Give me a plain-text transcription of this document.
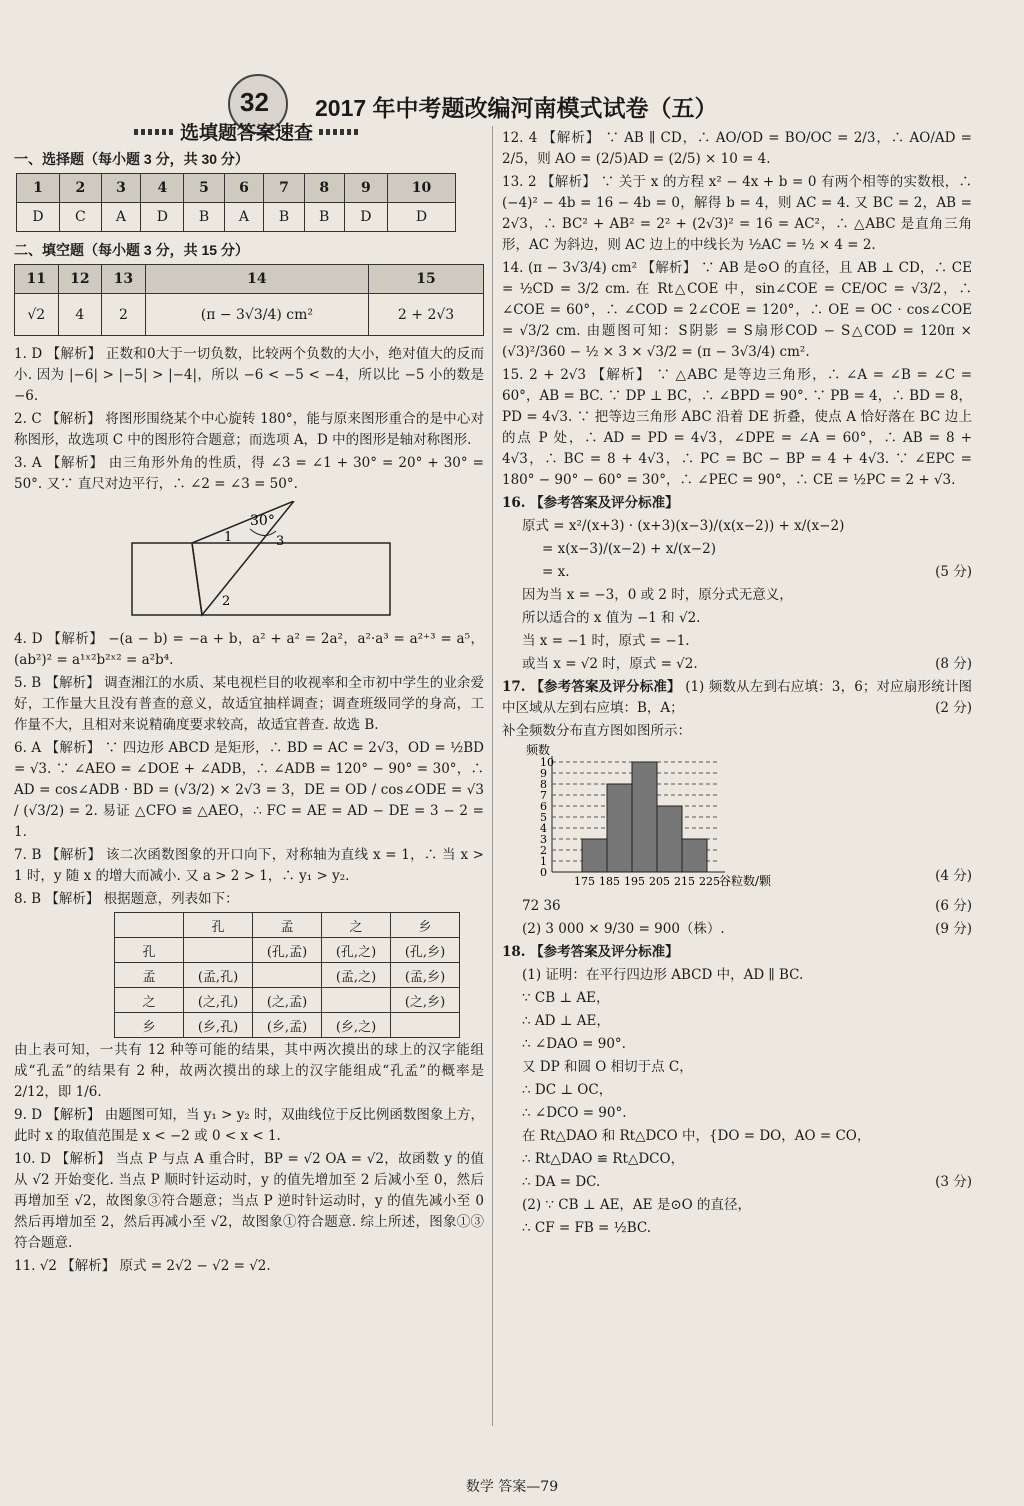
32 2017 年中考题改编河南模式试卷（五）
选填题答案速查
一、选择题（每小题 3 分，共 30 分）
1	2	3	4	5	6	7	8	9	10
D	C	A	D	B	A	B	B	D	D
二、填空题（每小题 3 分，共 15 分）
11	12	13	14	15
√2	4	2	(π − 3√3/4) cm²	2 + 2√3

1. D 【解析】 正数和0大于一切负数，比较两个负数的大小，绝对值大的反而小. 因为 |−6| > |−5| > |−4|，所以 −6 < −5 < −4，所以比 −5 小的数是 −6.

2. C 【解析】 将图形围绕某个中心旋转 180°，能与原来图形重合的是中心对称图形，故选项 C 中的图形符合题意；而选项 A，D 中的图形是轴对称图形.

3. A 【解析】 由三角形外角的性质，得 ∠3 = ∠1 + 30° = 20° + 30° = 50°. 又∵ 直尺对边平行，∴ ∠2 = ∠3 = 50°.

30°
1
2
3

4. D 【解析】 −(a − b) = −a + b，a² + a² = 2a²，a²·a³ = a²⁺³ = a⁵，(ab²)² = a¹ˣ²b²ˣ² = a²b⁴.

5. B 【解析】 调查湘江的水质、某电视栏目的收视率和全市初中学生的业余爱好，工作量大且没有普查的意义，故适宜抽样调查；调查班级同学的身高，工作量不大，且相对来说精确度要求较高，故适宜普查. 故选 B.

6. A 【解析】 ∵ 四边形 ABCD 是矩形，∴ BD = AC = 2√3，OD = ½BD = √3. ∵ ∠AEO = ∠DOE + ∠ADB，∴ ∠ADB = 120° − 90° = 30°，∴ AD = cos∠ADB · BD = (√3/2) × 2√3 = 3，DE = OD / cos∠ODE = √3 / (√3/2) = 2. 易证 △CFO ≌ △AEO，∴ FC = AE = AD − DE = 3 − 2 = 1.

7. B 【解析】 该二次函数图象的开口向下，对称轴为直线 x = 1，∴ 当 x > 1 时，y 随 x 的增大而减小. 又 a > 2 > 1，∴ y₁ > y₂.

8. B 【解析】 根据题意，列表如下：

	孔	孟	之	乡
孔		(孔,孟)	(孔,之)	(孔,乡)
孟	(孟,孔)		(孟,之)	(孟,乡)
之	(之,孔)	(之,孟)		(之,乡)
乡	(乡,孔)	(乡,孟)	(乡,之)	

由上表可知，一共有 12 种等可能的结果，其中两次摸出的球上的汉字能组成“孔孟”的结果有 2 种，故两次摸出的球上的汉字能组成“孔孟”的概率是 2/12，即 1/6.

9. D 【解析】 由题图可知，当 y₁ > y₂ 时，双曲线位于反比例函数图象上方，此时 x 的取值范围是 x < −2 或 0 < x < 1.

10. D 【解析】 当点 P 与点 A 重合时，BP = √2 OA = √2，故函数 y 的值从 √2 开始变化. 当点 P 顺时针运动时，y 的值先增加至 2 后减小至 0，然后再增加至 √2，故图象③符合题意；当点 P 逆时针运动时，y 的值先减小至 0 然后再增加至 2，然后再减小至 √2，故图象①符合题意. 综上所述，图象①③符合题意.

11. √2 【解析】 原式 = 2√2 − √2 = √2.

12. 4 【解析】 ∵ AB ∥ CD，∴ AO/OD = BO/OC = 2/3，∴ AO/AD = 2/5，则 AO = (2/5)AD = (2/5) × 10 = 4.

13. 2 【解析】 ∵ 关于 x 的方程 x² − 4x + b = 0 有两个相等的实数根，∴ (−4)² − 4b = 16 − 4b = 0，解得 b = 4，则 AC = 4. 又 BC = 2，AB = 2√3，∴ BC² + AB² = 2² + (2√3)² = 16 = AC²，∴ △ABC 是直角三角形，AC 为斜边，则 AC 边上的中线长为 ½AC = ½ × 4 = 2.

14. (π − 3√3/4) cm² 【解析】 ∵ AB 是⊙O 的直径，且 AB ⊥ CD，∴ CE = ½CD = 3/2 cm. 在 Rt△COE 中，sin∠COE = CE/OC = √3/2，∴ ∠COE = 60°，∴ ∠COD = 2∠COE = 120°，∴ OE = OC · cos∠COE = √3/2 cm. 由题图可知：S阴影 = S扇形COD − S△COD = 120π × (√3)²/360 − ½ × 3 × √3/2 = (π − 3√3/4) cm².

15. 2 + 2√3 【解析】 ∵ △ABC 是等边三角形，∴ ∠A = ∠B = ∠C = 60°，AB = BC. ∵ DP ⊥ BC，∴ ∠BPD = 90°. ∵ PB = 4，∴ BD = 8，PD = 4√3. ∵ 把等边三角形 ABC 沿着 DE 折叠，使点 A 恰好落在 BC 边上的点 P 处，∴ AD = PD = 4√3，∠DPE = ∠A = 60°，∴ AB = 8 + 4√3，∴ BC = 8 + 4√3，∴ PC = BC − BP = 4 + 4√3. ∵ ∠EPC = 180° − 90° − 60° = 30°，∴ ∠PEC = 90°，∴ CE = ½PC = 2 + √3.

16. 【参考答案及评分标准】

原式 = x²/(x+3) · (x+3)(x−3)/(x(x−2)) + x/(x−2)

= x(x−3)/(x−2) + x/(x−2)

= x.	(5 分)

因为当 x = −3，0 或 2 时，原分式无意义，

所以适合的 x 值为 −1 和 √2.

当 x = −1 时，原式 = −1.

或当 x = √2 时，原式 = √2.	(8 分)

17. 【参考答案及评分标准】 (1) 频数从左到右应填：3，6；对应扇形统计图中区域从左到右应填：B，A；	(2 分)

补全频数分布直方图如图所示：

0
1
2
3
4
5
6
7
8
9
10
175 185 195 205 215 225
频数
谷粒数/颗	(4 分)

72 36	(6 分)

(2) 3 000 × 9/30 = 900（株）.	(9 分)

18. 【参考答案及评分标准】

(1) 证明：在平行四边形 ABCD 中，AD ∥ BC.

∵ CB ⊥ AE，

∴ AD ⊥ AE，

∴ ∠DAO = 90°.

又 DP 和圆 O 相切于点 C，

∴ DC ⊥ OC，

∴ ∠DCO = 90°.

在 Rt△DAO 和 Rt△DCO 中，{DO = DO，AO = CO，

∴ Rt△DAO ≌ Rt△DCO，

∴ DA = DC.	(3 分)

(2) ∵ CB ⊥ AE，AE 是⊙O 的直径，

∴ CF = FB = ½BC.

数学 答案—79
